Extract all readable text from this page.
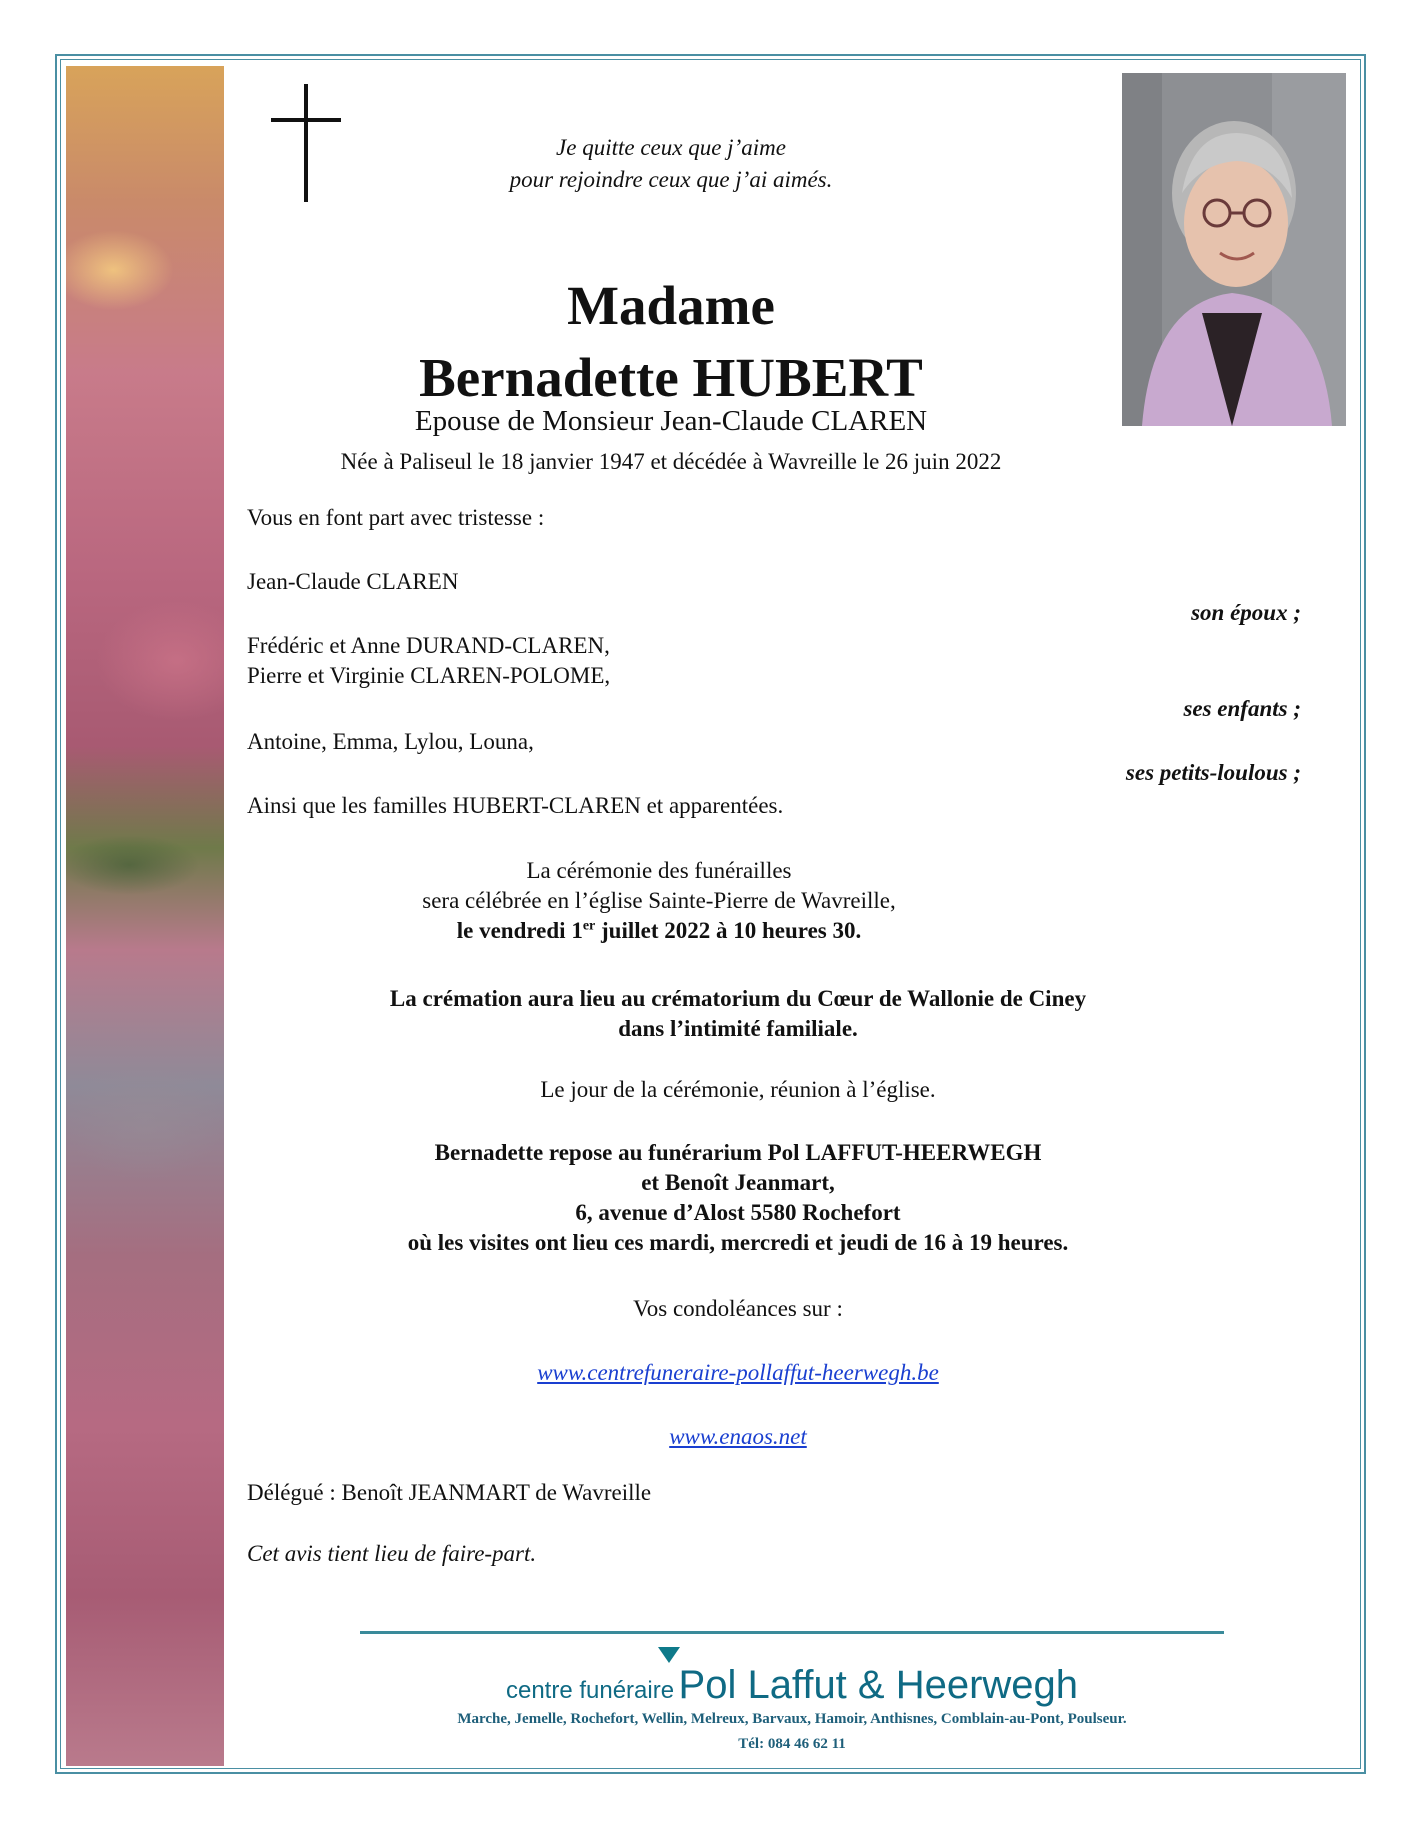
Je quitte ceux que j’aime
pour rejoindre ceux que j’ai aimés.
Madame
Bernadette HUBERT
Epouse de Monsieur Jean-Claude CLAREN
Née à Paliseul le 18 janvier 1947 et décédée à Wavreille le 26 juin 2022
Vous en font part avec tristesse :
Jean-Claude CLAREN
son époux ;
Frédéric et Anne DURAND-CLAREN,
Pierre et Virginie CLAREN-POLOME,
ses enfants ;
Antoine, Emma, Lylou, Louna,
ses petits-loulous ;
Ainsi que les familles HUBERT-CLAREN et apparentées.
La cérémonie des funérailles
sera célébrée en l’église Sainte-Pierre de Wavreille,
le vendredi 1er juillet 2022 à 10 heures 30.
La crémation aura lieu au crématorium du Cœur de Wallonie de Ciney
dans l’intimité familiale.
Le jour de la cérémonie, réunion à l’église.
Bernadette repose au funérarium Pol LAFFUT-HEERWEGH
et Benoît Jeanmart,
6, avenue d’Alost 5580 Rochefort
où les visites ont lieu ces mardi, mercredi et jeudi de 16 à 19 heures.
Vos condoléances sur :
www.centrefuneraire-pollaffut-heerwegh.be
www.enaos.net
Délégué : Benoît JEANMART de Wavreille
Cet avis tient lieu de faire-part.
centre funéraire Pol Laffut & Heerwegh
Marche, Jemelle, Rochefort, Wellin, Melreux, Barvaux, Hamoir, Anthisnes, Comblain-au-Pont, Poulseur.
Tél: 084 46 62 11
